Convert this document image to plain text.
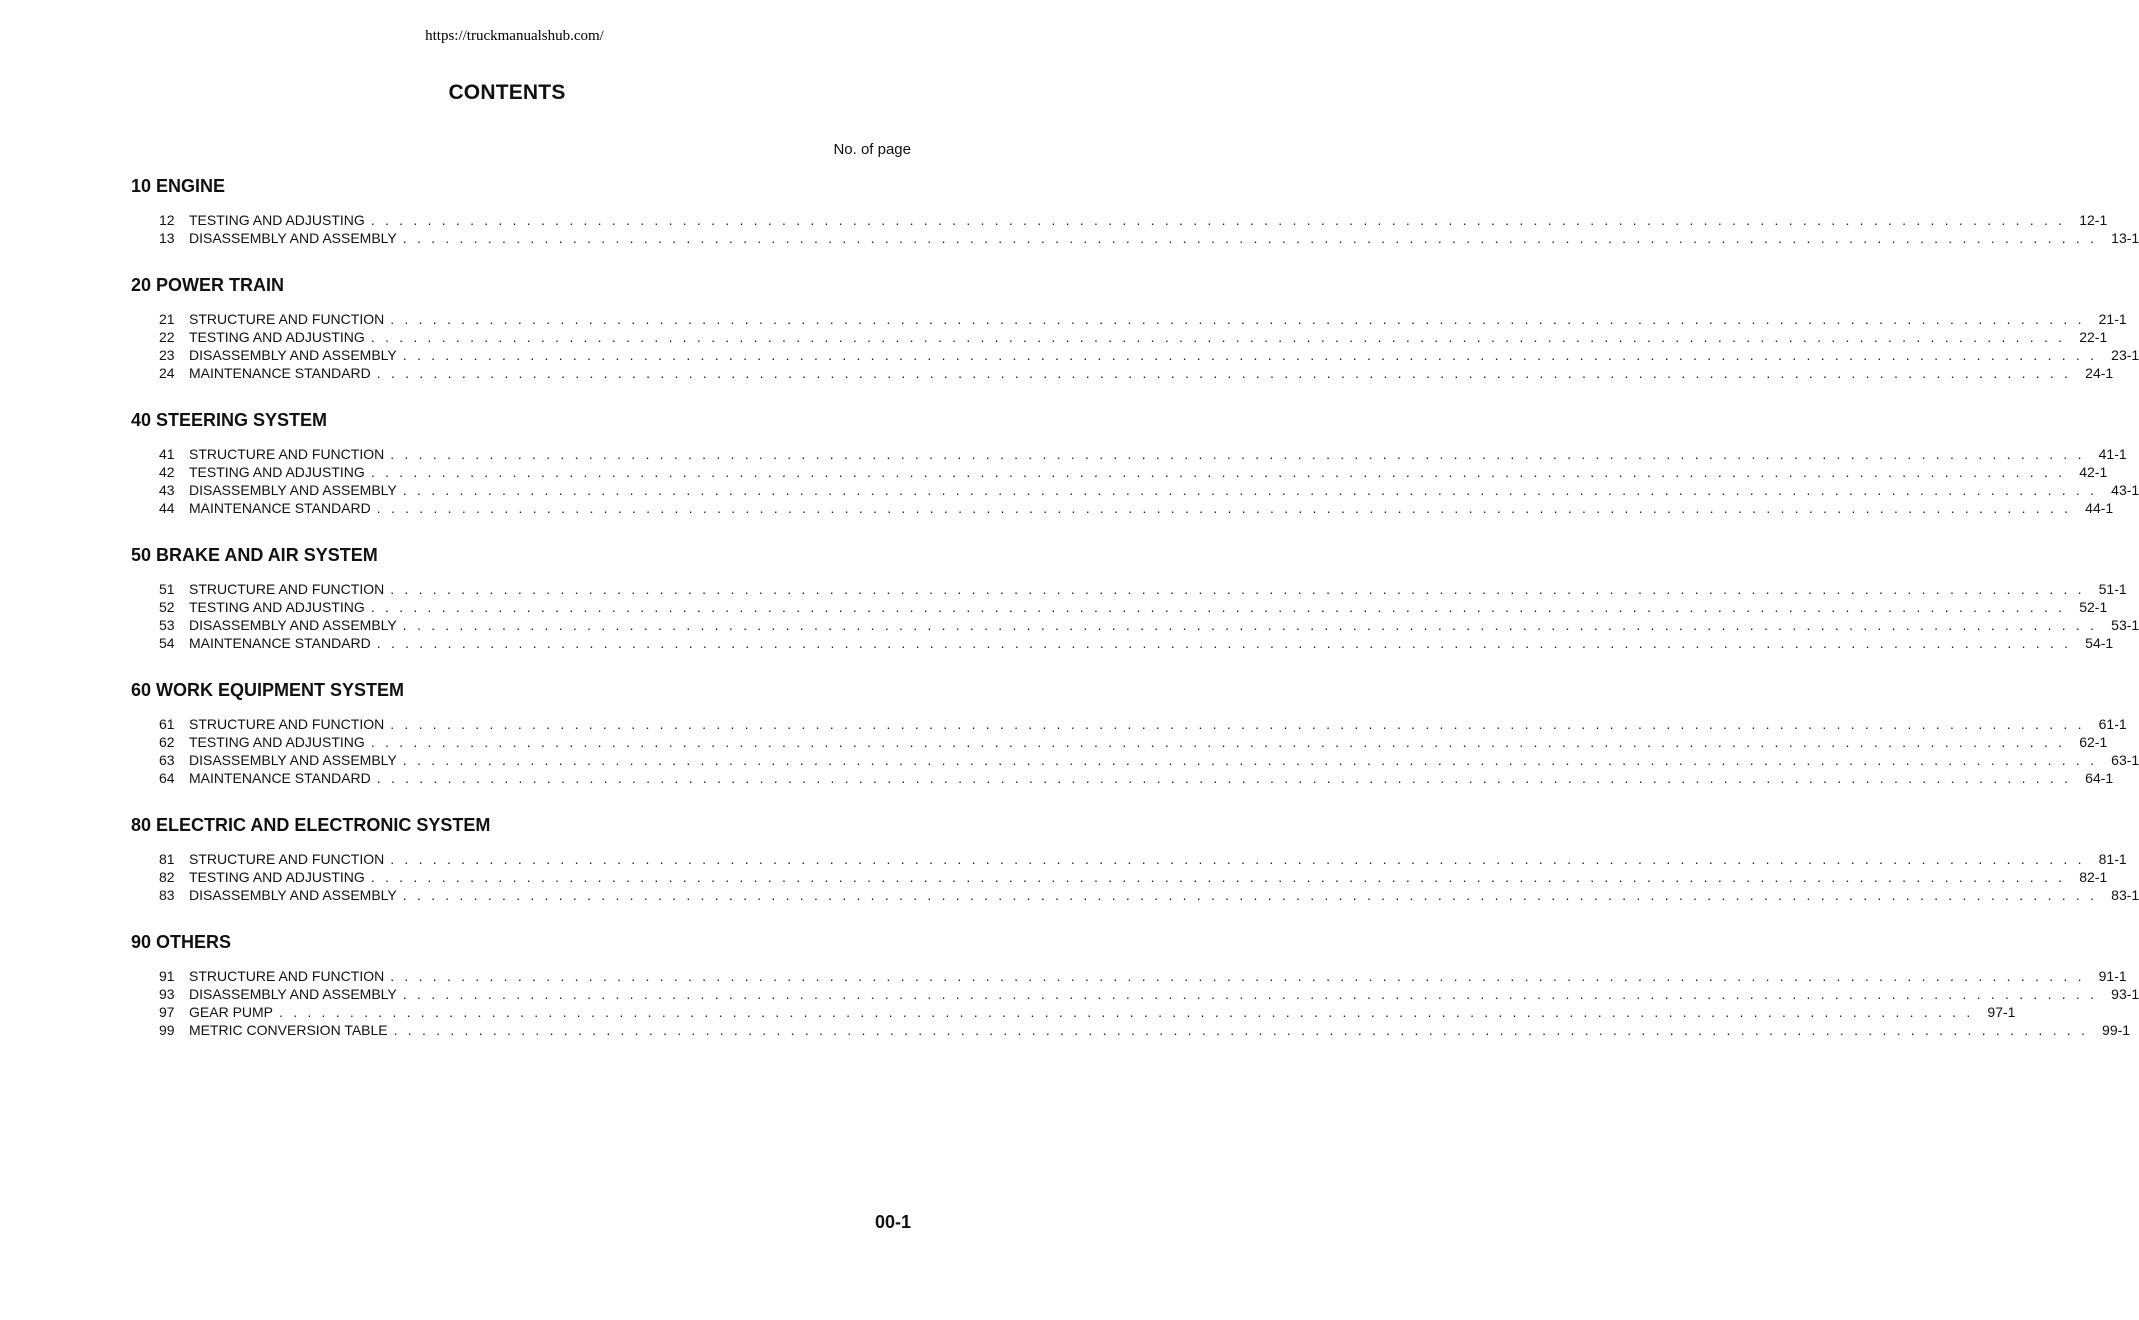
https://truckmanualshub.com/
CONTENTS
No. of page
10 ENGINE
12	TESTING AND ADJUSTING . . . . . . . . . . . . . . . . . . . . . . . . . . . . . . . . . . . . . . . . . . . . . . . . . . . . . . . . . . . . . . . . . . . . . . . . . . . . . . . . . . . . . . . . . . . . . . . . . . . . . . . . . . . . . . . . . . . . . . . . 12-1
13	DISASSEMBLY AND ASSEMBLY . . . . . . . . . . . . . . . . . . . . . . . . . . . . . . . . . . . . . . . . . . . . . . . . . . . . . . . . . . . . . . . . . . . . . . . . . . . . . . . . . . . . . . . . . . . . . . . . . . . . . . . . . . . . . . . . . . . . . . . . 13-1
20 POWER TRAIN
21	STRUCTURE AND FUNCTION . . . . . . . . . . . . . . . . . . . . . . . . . . . . . . . . . . . . . . . . . . . . . . . . . . . . . . . . . . . . . . . . . . . . . . . . . . . . . . . . . . . . . . . . . . . . . . . . . . . . . . . . . . . . . . . . . . . . . . . . 21-1
22	TESTING AND ADJUSTING . . . . . . . . . . . . . . . . . . . . . . . . . . . . . . . . . . . . . . . . . . . . . . . . . . . . . . . . . . . . . . . . . . . . . . . . . . . . . . . . . . . . . . . . . . . . . . . . . . . . . . . . . . . . . . . . . . . . . . . . 22-1
23	DISASSEMBLY AND ASSEMBLY . . . . . . . . . . . . . . . . . . . . . . . . . . . . . . . . . . . . . . . . . . . . . . . . . . . . . . . . . . . . . . . . . . . . . . . . . . . . . . . . . . . . . . . . . . . . . . . . . . . . . . . . . . . . . . . . . . . . . . . . 23-1
24	MAINTENANCE STANDARD . . . . . . . . . . . . . . . . . . . . . . . . . . . . . . . . . . . . . . . . . . . . . . . . . . . . . . . . . . . . . . . . . . . . . . . . . . . . . . . . . . . . . . . . . . . . . . . . . . . . . . . . . . . . . . . . . . . . . . . . 24-1
40 STEERING SYSTEM
41	STRUCTURE AND FUNCTION . . . . . . . . . . . . . . . . . . . . . . . . . . . . . . . . . . . . . . . . . . . . . . . . . . . . . . . . . . . . . . . . . . . . . . . . . . . . . . . . . . . . . . . . . . . . . . . . . . . . . . . . . . . . . . . . . . . . . . . . 41-1
42	TESTING AND ADJUSTING . . . . . . . . . . . . . . . . . . . . . . . . . . . . . . . . . . . . . . . . . . . . . . . . . . . . . . . . . . . . . . . . . . . . . . . . . . . . . . . . . . . . . . . . . . . . . . . . . . . . . . . . . . . . . . . . . . . . . . . . 42-1
43	DISASSEMBLY AND ASSEMBLY . . . . . . . . . . . . . . . . . . . . . . . . . . . . . . . . . . . . . . . . . . . . . . . . . . . . . . . . . . . . . . . . . . . . . . . . . . . . . . . . . . . . . . . . . . . . . . . . . . . . . . . . . . . . . . . . . . . . . . . . 43-1
44	MAINTENANCE STANDARD . . . . . . . . . . . . . . . . . . . . . . . . . . . . . . . . . . . . . . . . . . . . . . . . . . . . . . . . . . . . . . . . . . . . . . . . . . . . . . . . . . . . . . . . . . . . . . . . . . . . . . . . . . . . . . . . . . . . . . . . 44-1
50 BRAKE AND AIR SYSTEM
51	STRUCTURE AND FUNCTION . . . . . . . . . . . . . . . . . . . . . . . . . . . . . . . . . . . . . . . . . . . . . . . . . . . . . . . . . . . . . . . . . . . . . . . . . . . . . . . . . . . . . . . . . . . . . . . . . . . . . . . . . . . . . . . . . . . . . . . . 51-1
52	TESTING AND ADJUSTING . . . . . . . . . . . . . . . . . . . . . . . . . . . . . . . . . . . . . . . . . . . . . . . . . . . . . . . . . . . . . . . . . . . . . . . . . . . . . . . . . . . . . . . . . . . . . . . . . . . . . . . . . . . . . . . . . . . . . . . . 52-1
53	DISASSEMBLY AND ASSEMBLY . . . . . . . . . . . . . . . . . . . . . . . . . . . . . . . . . . . . . . . . . . . . . . . . . . . . . . . . . . . . . . . . . . . . . . . . . . . . . . . . . . . . . . . . . . . . . . . . . . . . . . . . . . . . . . . . . . . . . . . . 53-1
54	MAINTENANCE STANDARD . . . . . . . . . . . . . . . . . . . . . . . . . . . . . . . . . . . . . . . . . . . . . . . . . . . . . . . . . . . . . . . . . . . . . . . . . . . . . . . . . . . . . . . . . . . . . . . . . . . . . . . . . . . . . . . . . . . . . . . . 54-1
60 WORK EQUIPMENT SYSTEM
61	STRUCTURE AND FUNCTION . . . . . . . . . . . . . . . . . . . . . . . . . . . . . . . . . . . . . . . . . . . . . . . . . . . . . . . . . . . . . . . . . . . . . . . . . . . . . . . . . . . . . . . . . . . . . . . . . . . . . . . . . . . . . . . . . . . . . . . . 61-1
62	TESTING AND ADJUSTING . . . . . . . . . . . . . . . . . . . . . . . . . . . . . . . . . . . . . . . . . . . . . . . . . . . . . . . . . . . . . . . . . . . . . . . . . . . . . . . . . . . . . . . . . . . . . . . . . . . . . . . . . . . . . . . . . . . . . . . . 62-1
63	DISASSEMBLY AND ASSEMBLY . . . . . . . . . . . . . . . . . . . . . . . . . . . . . . . . . . . . . . . . . . . . . . . . . . . . . . . . . . . . . . . . . . . . . . . . . . . . . . . . . . . . . . . . . . . . . . . . . . . . . . . . . . . . . . . . . . . . . . . . 63-1
64	MAINTENANCE STANDARD . . . . . . . . . . . . . . . . . . . . . . . . . . . . . . . . . . . . . . . . . . . . . . . . . . . . . . . . . . . . . . . . . . . . . . . . . . . . . . . . . . . . . . . . . . . . . . . . . . . . . . . . . . . . . . . . . . . . . . . . 64-1
80 ELECTRIC AND ELECTRONIC SYSTEM
81	STRUCTURE AND FUNCTION . . . . . . . . . . . . . . . . . . . . . . . . . . . . . . . . . . . . . . . . . . . . . . . . . . . . . . . . . . . . . . . . . . . . . . . . . . . . . . . . . . . . . . . . . . . . . . . . . . . . . . . . . . . . . . . . . . . . . . . . 81-1
82	TESTING AND ADJUSTING . . . . . . . . . . . . . . . . . . . . . . . . . . . . . . . . . . . . . . . . . . . . . . . . . . . . . . . . . . . . . . . . . . . . . . . . . . . . . . . . . . . . . . . . . . . . . . . . . . . . . . . . . . . . . . . . . . . . . . . . 82-1
83	DISASSEMBLY AND ASSEMBLY . . . . . . . . . . . . . . . . . . . . . . . . . . . . . . . . . . . . . . . . . . . . . . . . . . . . . . . . . . . . . . . . . . . . . . . . . . . . . . . . . . . . . . . . . . . . . . . . . . . . . . . . . . . . . . . . . . . . . . . . 83-1
90 OTHERS
91	STRUCTURE AND FUNCTION . . . . . . . . . . . . . . . . . . . . . . . . . . . . . . . . . . . . . . . . . . . . . . . . . . . . . . . . . . . . . . . . . . . . . . . . . . . . . . . . . . . . . . . . . . . . . . . . . . . . . . . . . . . . . . . . . . . . . . . . 91-1
93	DISASSEMBLY AND ASSEMBLY . . . . . . . . . . . . . . . . . . . . . . . . . . . . . . . . . . . . . . . . . . . . . . . . . . . . . . . . . . . . . . . . . . . . . . . . . . . . . . . . . . . . . . . . . . . . . . . . . . . . . . . . . . . . . . . . . . . . . . . . 93-1
97	GEAR PUMP . . . . . . . . . . . . . . . . . . . . . . . . . . . . . . . . . . . . . . . . . . . . . . . . . . . . . . . . . . . . . . . . . . . . . . . . . . . . . . . . . . . . . . . . . . . . . . . . . . . . . . . . . . . . . . . . . . . . . . . . 97-1
99	METRIC CONVERSION TABLE . . . . . . . . . . . . . . . . . . . . . . . . . . . . . . . . . . . . . . . . . . . . . . . . . . . . . . . . . . . . . . . . . . . . . . . . . . . . . . . . . . . . . . . . . . . . . . . . . . . . . . . . . . . . . . . . . . . . . . . . 99-1
00-1
